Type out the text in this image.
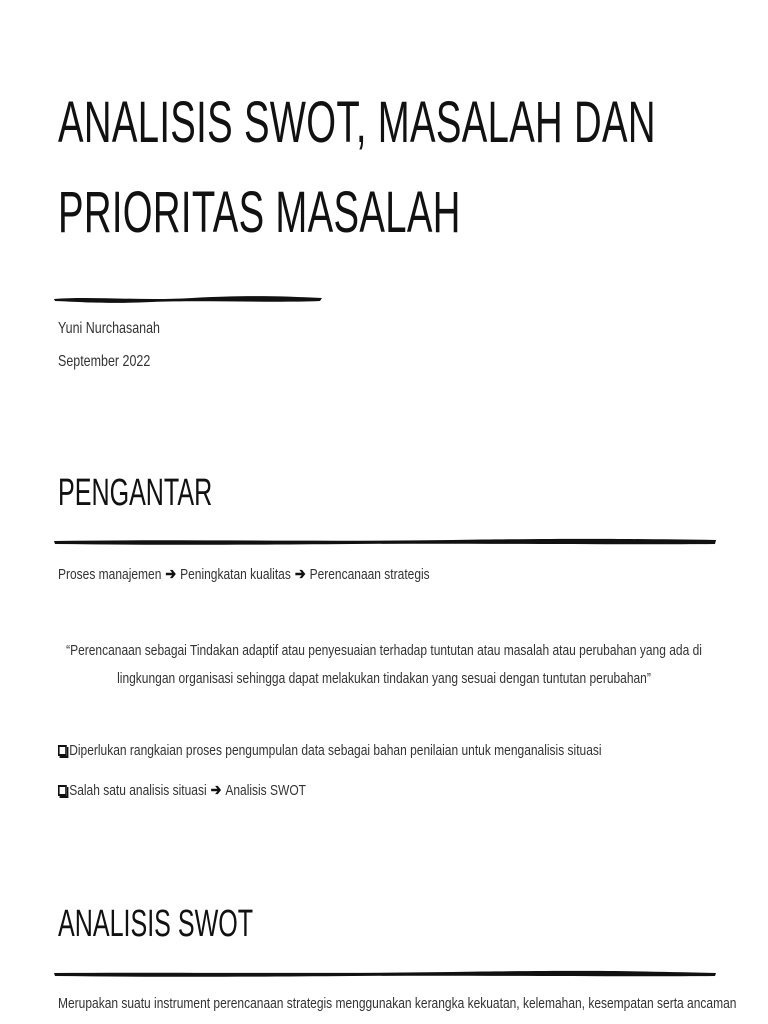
ANALISIS SWOT, MASALAH DAN
PRIORITAS MASALAH
Yuni Nurchasanah
September 2022
PENGANTAR
Proses manajemen ➔ Peningkatan kualitas ➔ Perencanaan strategis
“Perencanaan sebagai Tindakan adaptif atau penyesuaian terhadap tuntutan atau masalah atau perubahan yang ada di
lingkungan organisasi sehingga dapat melakukan tindakan yang sesuai dengan tuntutan perubahan”
Diperlukan rangkaian proses pengumpulan data sebagai bahan penilaian untuk menganalisis situasi
Salah satu analisis situasi ➔ Analisis SWOT
ANALISIS SWOT
Merupakan suatu instrument perencanaan strategis menggunakan kerangka kekuatan, kelemahan, kesempatan serta ancaman
